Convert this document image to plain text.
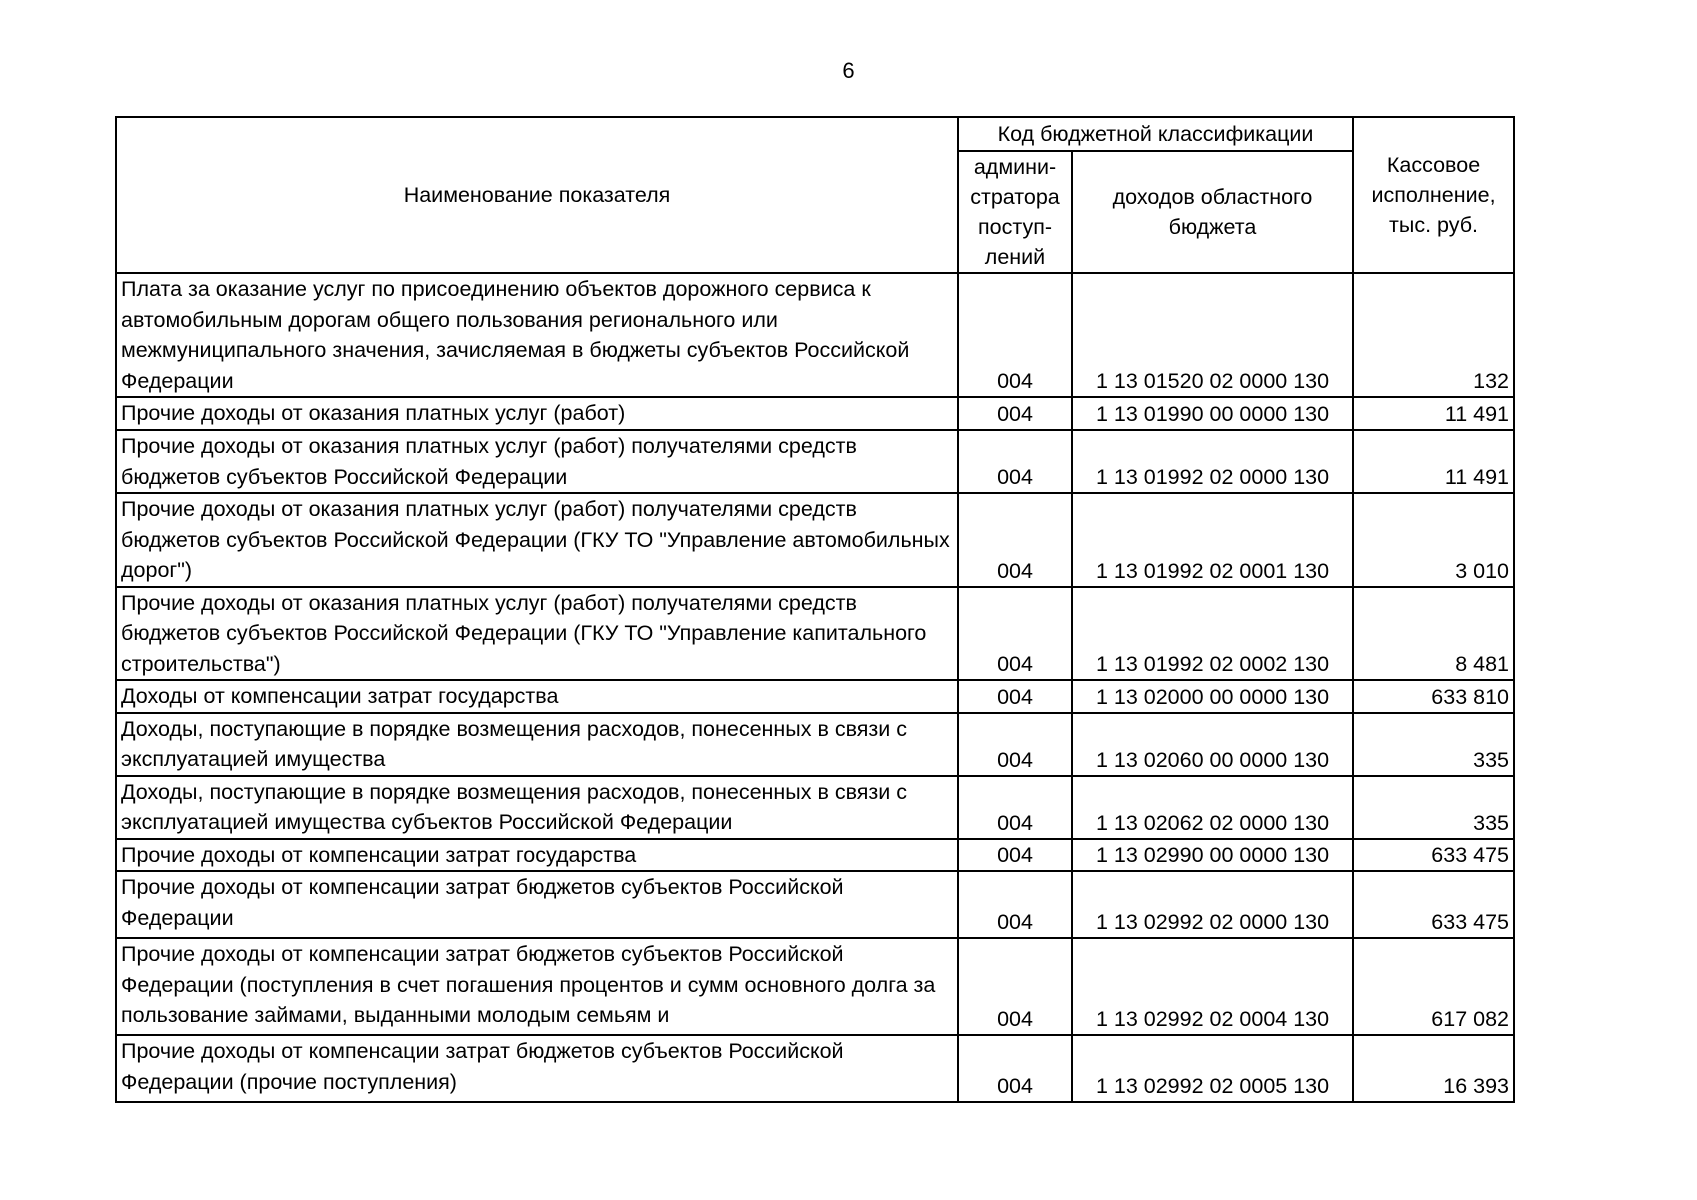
6
Наименование показателя	Код бюджетной классификации		Кассовое исполнение, тыс. руб.
	админи-стратора поступ-лений	доходов областного бюджета	
Плата за оказание услуг по присоединению объектов дорожного сервиса к автомобильным дорогам общего пользования регионального или межмуниципального значения, зачисляемая в бюджеты субъектов Российской Федерации	004	1 13 01520 02 0000 130	132
Прочие доходы от оказания платных услуг (работ)	004	1 13 01990 00 0000 130	11 491
Прочие доходы от оказания платных услуг (работ) получателями средств бюджетов субъектов Российской Федерации	004	1 13 01992 02 0000 130	11 491
Прочие доходы от оказания платных услуг (работ) получателями средств бюджетов субъектов Российской Федерации (ГКУ ТО "Управление автомобильных дорог")	004	1 13 01992 02 0001 130	3 010
Прочие доходы от оказания платных услуг (работ) получателями средств бюджетов субъектов Российской Федерации (ГКУ ТО "Управление капитального строительства")	004	1 13 01992 02 0002 130	8 481
Доходы от компенсации затрат государства	004	1 13 02000 00 0000 130	633 810
Доходы, поступающие в порядке возмещения расходов, понесенных в связи с эксплуатацией имущества	004	1 13 02060 00 0000 130	335
Доходы, поступающие в порядке возмещения расходов, понесенных в связи с эксплуатацией имущества субъектов Российской Федерации	004	1 13 02062 02 0000 130	335
Прочие доходы от компенсации затрат государства	004	1 13 02990 00 0000 130	633 475
Прочие доходы от компенсации затрат бюджетов субъектов Российской Федерации	004	1 13 02992 02 0000 130	633 475
Прочие доходы от компенсации затрат бюджетов субъектов Российской Федерации (поступления в счет погашения процентов и сумм основного долга за пользование займами, выданными молодым семьям и	004	1 13 02992 02 0004 130	617 082
Прочие доходы от компенсации затрат бюджетов субъектов Российской Федерации (прочие поступления)	004	1 13 02992 02 0005 130	16 393
